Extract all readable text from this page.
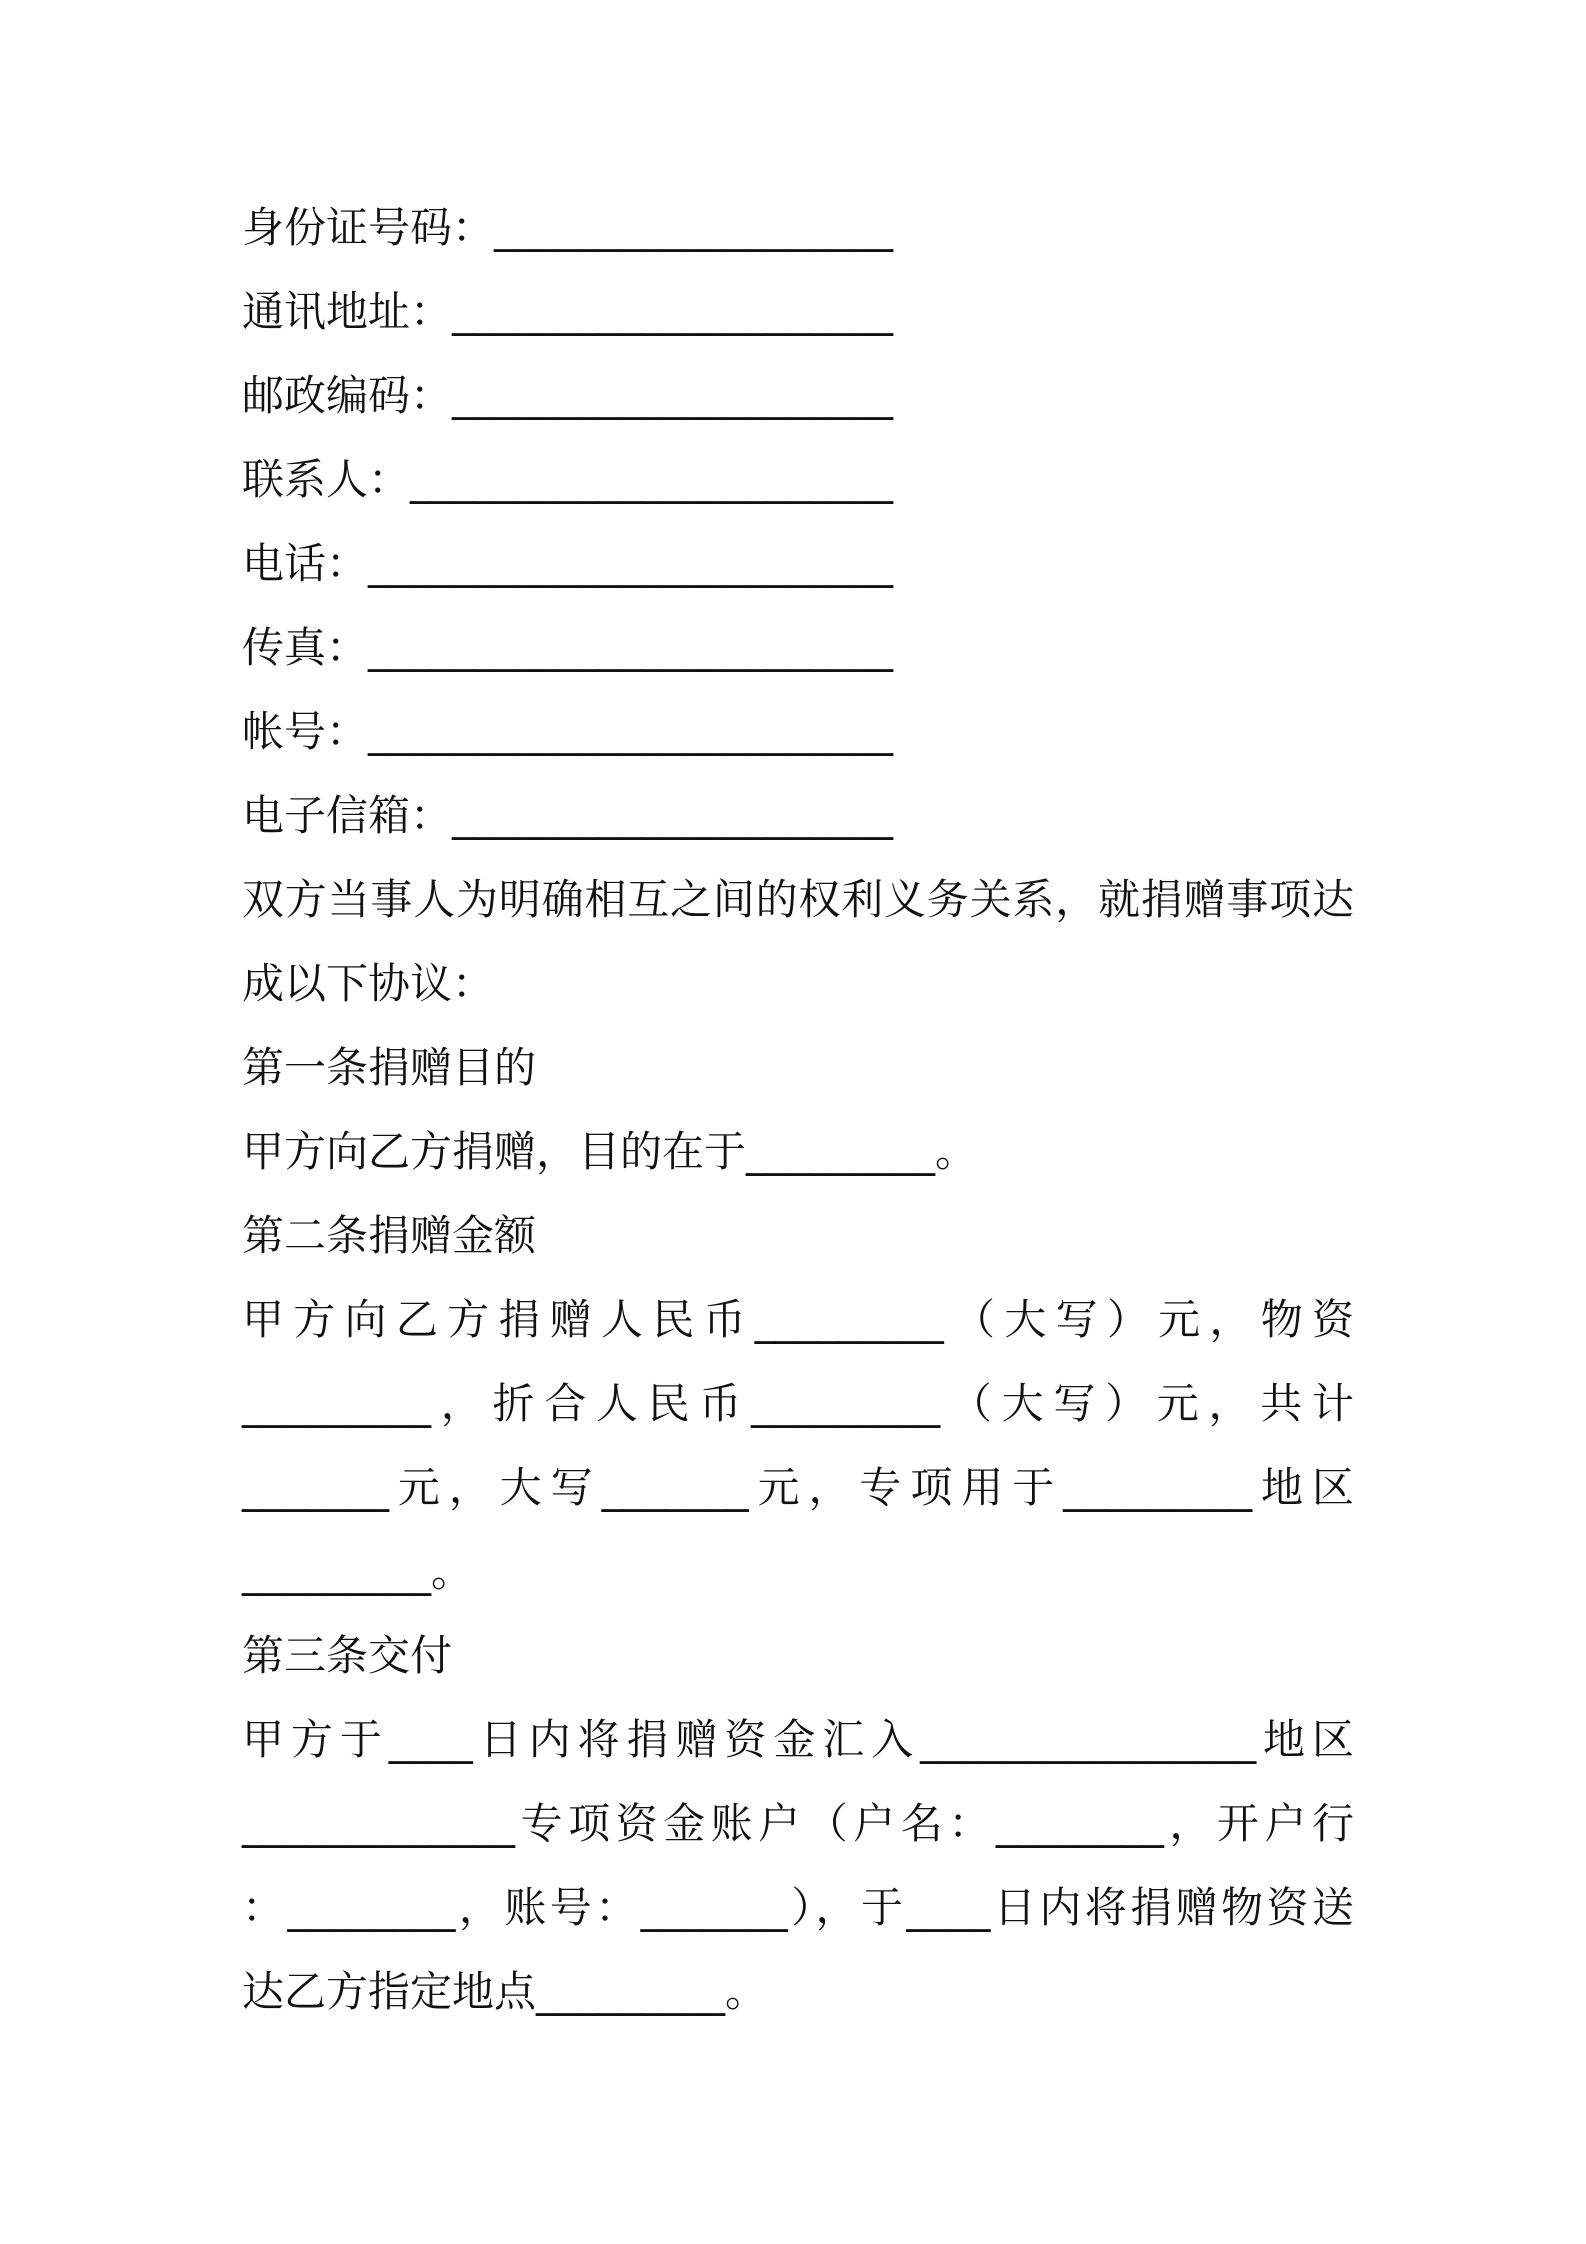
身份证号码：___________________
通讯地址：_____________________
邮政编码：_____________________
联系人：_______________________
电话：_________________________
传真：_________________________
帐号：_________________________
电子信箱：_____________________
双方当事人为明确相互之间的权利义务关系，就捐赠事项达
成以下协议：
第一条捐赠目的
甲方向乙方捐赠，目的在于_________。
第二条捐赠金额
甲方向乙方捐赠人民币_________（大写）元，物资
_________，折合人民币_________（大写）元，共计
_______元，大写_______元，专项用于_________地区
_________。
第三条交付
甲方于____日内将捐赠资金汇入________________地区
_____________专项资金账户（户名：________，开户行
：________，账号：_______），于____日内将捐赠物资送
达乙方指定地点_________。
